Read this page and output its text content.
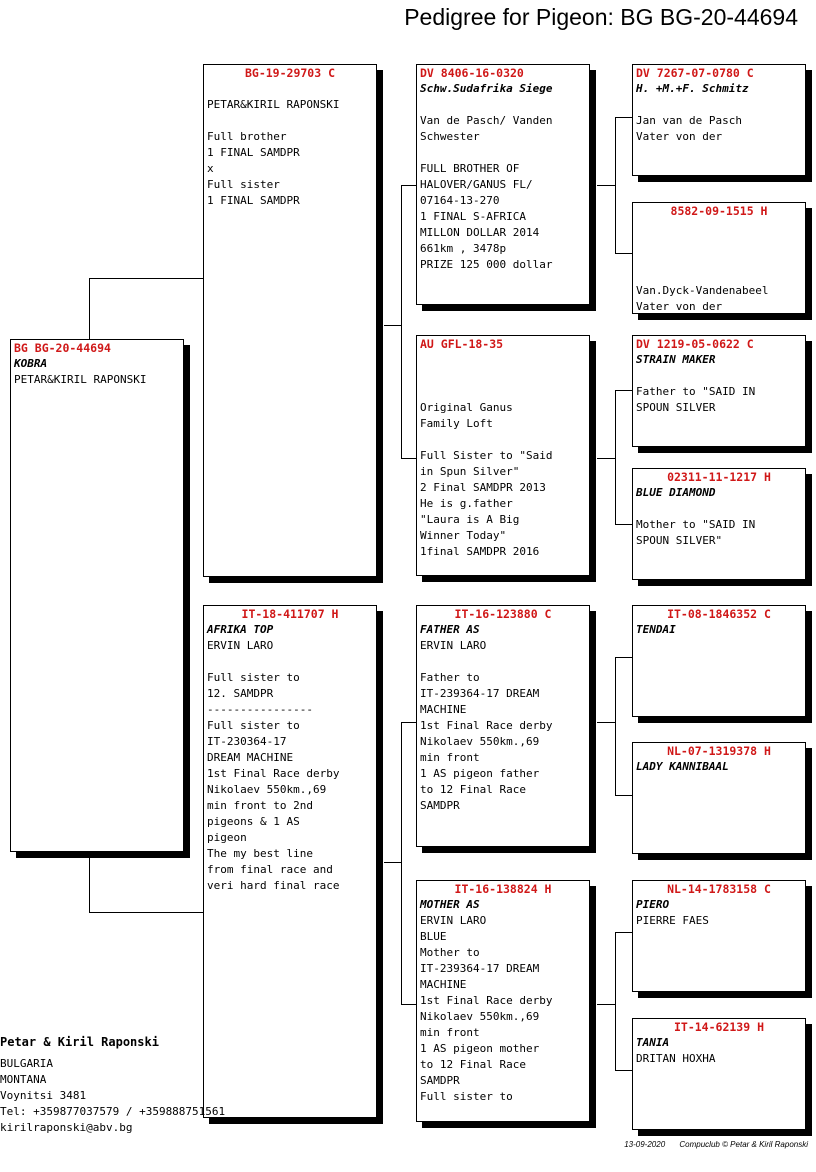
Pedigree for Pigeon: BG BG-20-44694
BG BG-20-44694
KOBRA
PETAR&KIRIL RAPONSKI
BG-19-29703 C
PETAR&KIRIL RAPONSKI
Full brother
1 FINAL SAMDPR
x
Full sister
1 FINAL SAMDPR
IT-18-411707 H
AFRIKA TOP
ERVIN LARO
Full sister to
12. SAMDPR
----------------
Full sister to
IT-230364-17
DREAM MACHINE
1st Final Race derby
Nikolaev 550km.,69
min front to 2nd
pigeons & 1 AS
pigeon
The my best line
from final race and
veri hard final race
DV 8406-16-0320
Schw.Sudafrika Siege
Van de Pasch/ Vanden
Schwester
FULL BROTHER OF
HALOVER/GANUS FL/
07164-13-270
1 FINAL S-AFRICA
MILLON DOLLAR 2014
661km , 3478p
PRIZE 125 000 dollar
AU GFL-18-35
Original Ganus
Family Loft
Full Sister to "Said
in Spun Silver"
2 Final SAMDPR 2013
He is g.father
"Laura is A Big
Winner Today"
1final SAMDPR 2016
IT-16-123880 C
FATHER AS
ERVIN LARO
Father to
IT-239364-17 DREAM
MACHINE
1st Final Race derby
Nikolaev 550km.,69
min front
1 AS pigeon father
to 12 Final Race
SAMDPR
IT-16-138824 H
MOTHER AS
ERVIN LARO
BLUE
Mother to
IT-239364-17 DREAM
MACHINE
1st Final Race derby
Nikolaev 550km.,69
min front
1 AS pigeon mother
to 12 Final Race
SAMDPR
Full sister to
DV 7267-07-0780 C
H. +M.+F. Schmitz
Jan van de Pasch
Vater von der
8582-09-1515 H
Van.Dyck-Vandenabeel
Vater von der
DV 1219-05-0622 C
STRAIN MAKER
Father to "SAID IN
SPOUN SILVER
02311-11-1217 H
BLUE DIAMOND
Mother to "SAID IN
SPOUN SILVER"
IT-08-1846352 C
TENDAI
NL-07-1319378 H
LADY KANNIBAAL
NL-14-1783158 C
PIERO
PIERRE FAES
IT-14-62139 H
TANIA
DRITAN HOXHA
Petar & Kiril Raponski
BULGARIA
MONTANA
Voynitsi 3481
Tel: +359877037579 / +359888751561
kirilraponski@abv.bg
13-09-2020 Compuclub © Petar & Kiril Raponski
